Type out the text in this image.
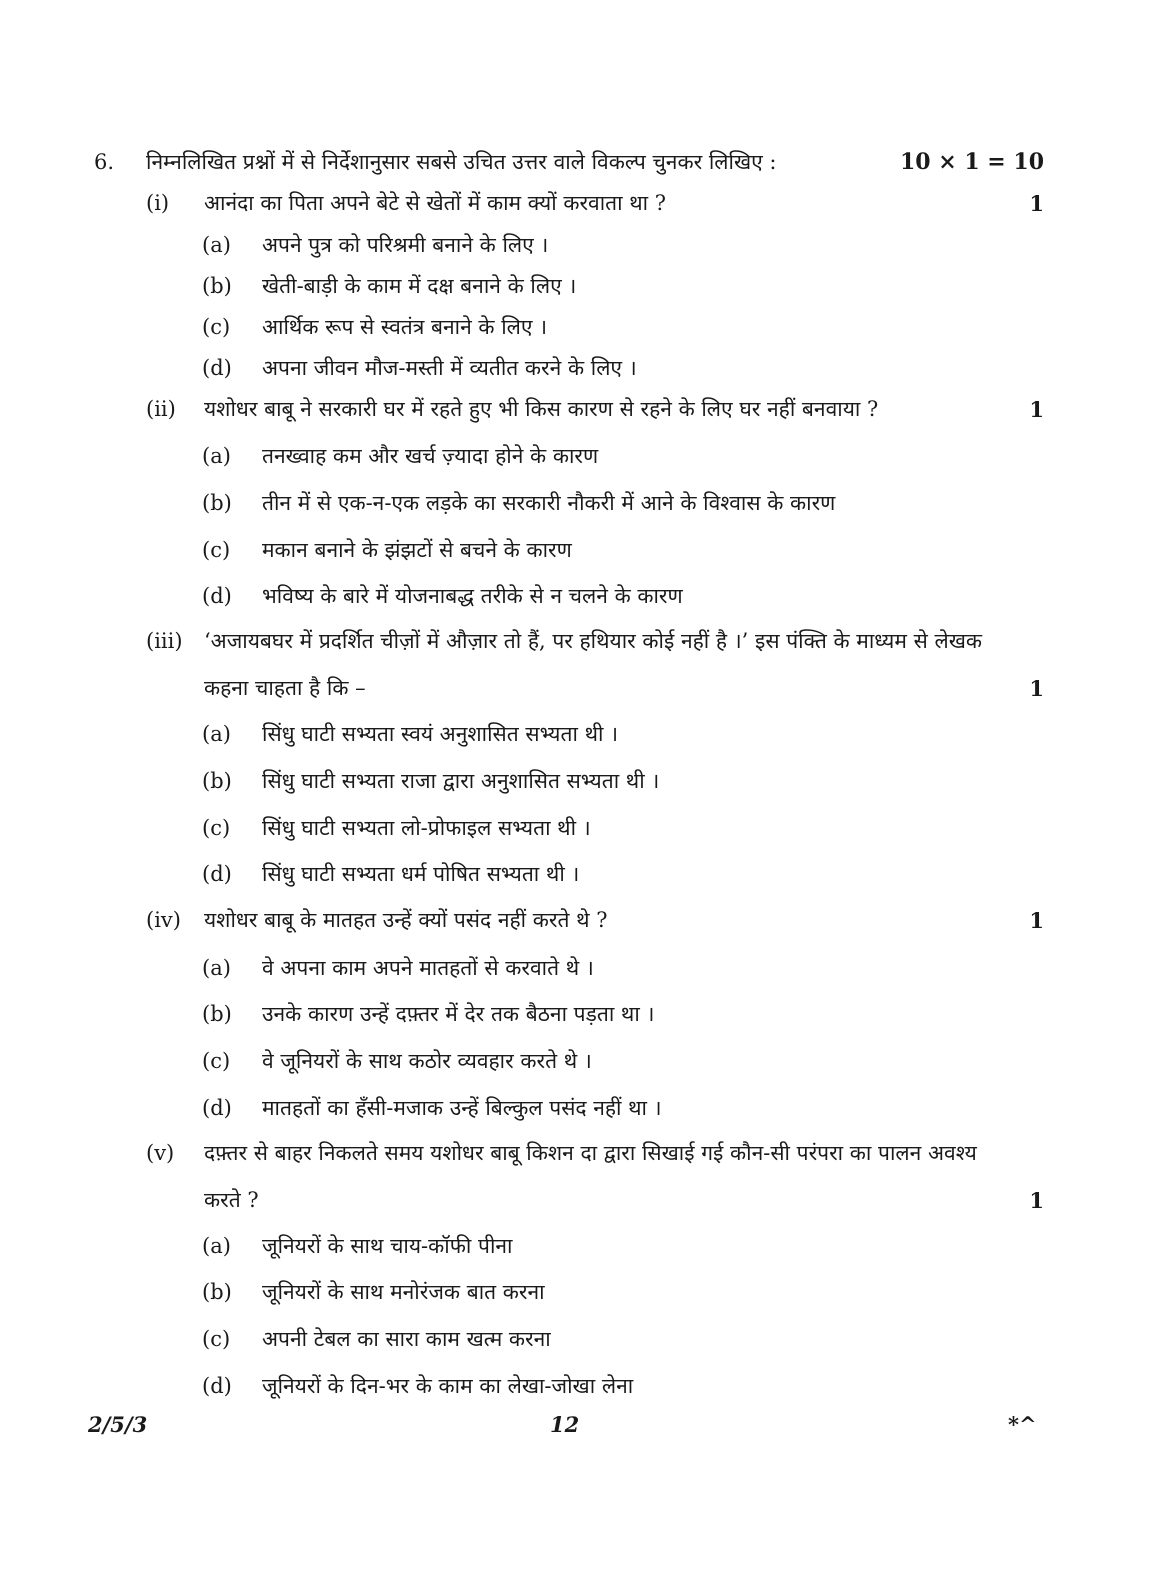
6. निम्नलिखित प्रश्नों में से निर्देशानुसार सबसे उचित उत्तर वाले विकल्प चुनकर लिखिए :	10 × 1 = 10
(i) आनंदा का पिता अपने बेटे से खेतों में काम क्यों करवाता था ?	1
(a) अपने पुत्र को परिश्रमी बनाने के लिए ।
(b) खेती-बाड़ी के काम में दक्ष बनाने के लिए ।
(c) आर्थिक रूप से स्वतंत्र बनाने के लिए ।
(d) अपना जीवन मौज-मस्ती में व्यतीत करने के लिए ।
(ii) यशोधर बाबू ने सरकारी घर में रहते हुए भी किस कारण से रहने के लिए घर नहीं बनवाया ?	1
(a) तनख्वाह कम और खर्च ज़्यादा होने के कारण
(b) तीन में से एक-न-एक लड़के का सरकारी नौकरी में आने के विश्वास के कारण
(c) मकान बनाने के झंझटों से बचने के कारण
(d) भविष्य के बारे में योजनाबद्ध तरीके से न चलने के कारण
(iii) ‘अजायबघर में प्रदर्शित चीज़ों में औज़ार तो हैं, पर हथियार कोई नहीं है ।’ इस पंक्ति के माध्यम से लेखक कहना चाहता है कि –	1
(a) सिंधु घाटी सभ्यता स्वयं अनुशासित सभ्यता थी ।
(b) सिंधु घाटी सभ्यता राजा द्वारा अनुशासित सभ्यता थी ।
(c) सिंधु घाटी सभ्यता लो-प्रोफाइल सभ्यता थी ।
(d) सिंधु घाटी सभ्यता धर्म पोषित सभ्यता थी ।
(iv) यशोधर बाबू के मातहत उन्हें क्यों पसंद नहीं करते थे ?	1
(a) वे अपना काम अपने मातहतों से करवाते थे ।
(b) उनके कारण उन्हें दफ़्तर में देर तक बैठना पड़ता था ।
(c) वे जूनियरों के साथ कठोर व्यवहार करते थे ।
(d) मातहतों का हँसी-मजाक उन्हें बिल्कुल पसंद नहीं था ।
(v) दफ़्तर से बाहर निकलते समय यशोधर बाबू किशन दा द्वारा सिखाई गई कौन-सी परंपरा का पालन अवश्य करते ?	1
(a) जूनियरों के साथ चाय-कॉफी पीना
(b) जूनियरों के साथ मनोरंजक बात करना
(c) अपनी टेबल का सारा काम खत्म करना
(d) जूनियरों के दिन-भर के काम का लेखा-जोखा लेना
2/5/3	12	*^
